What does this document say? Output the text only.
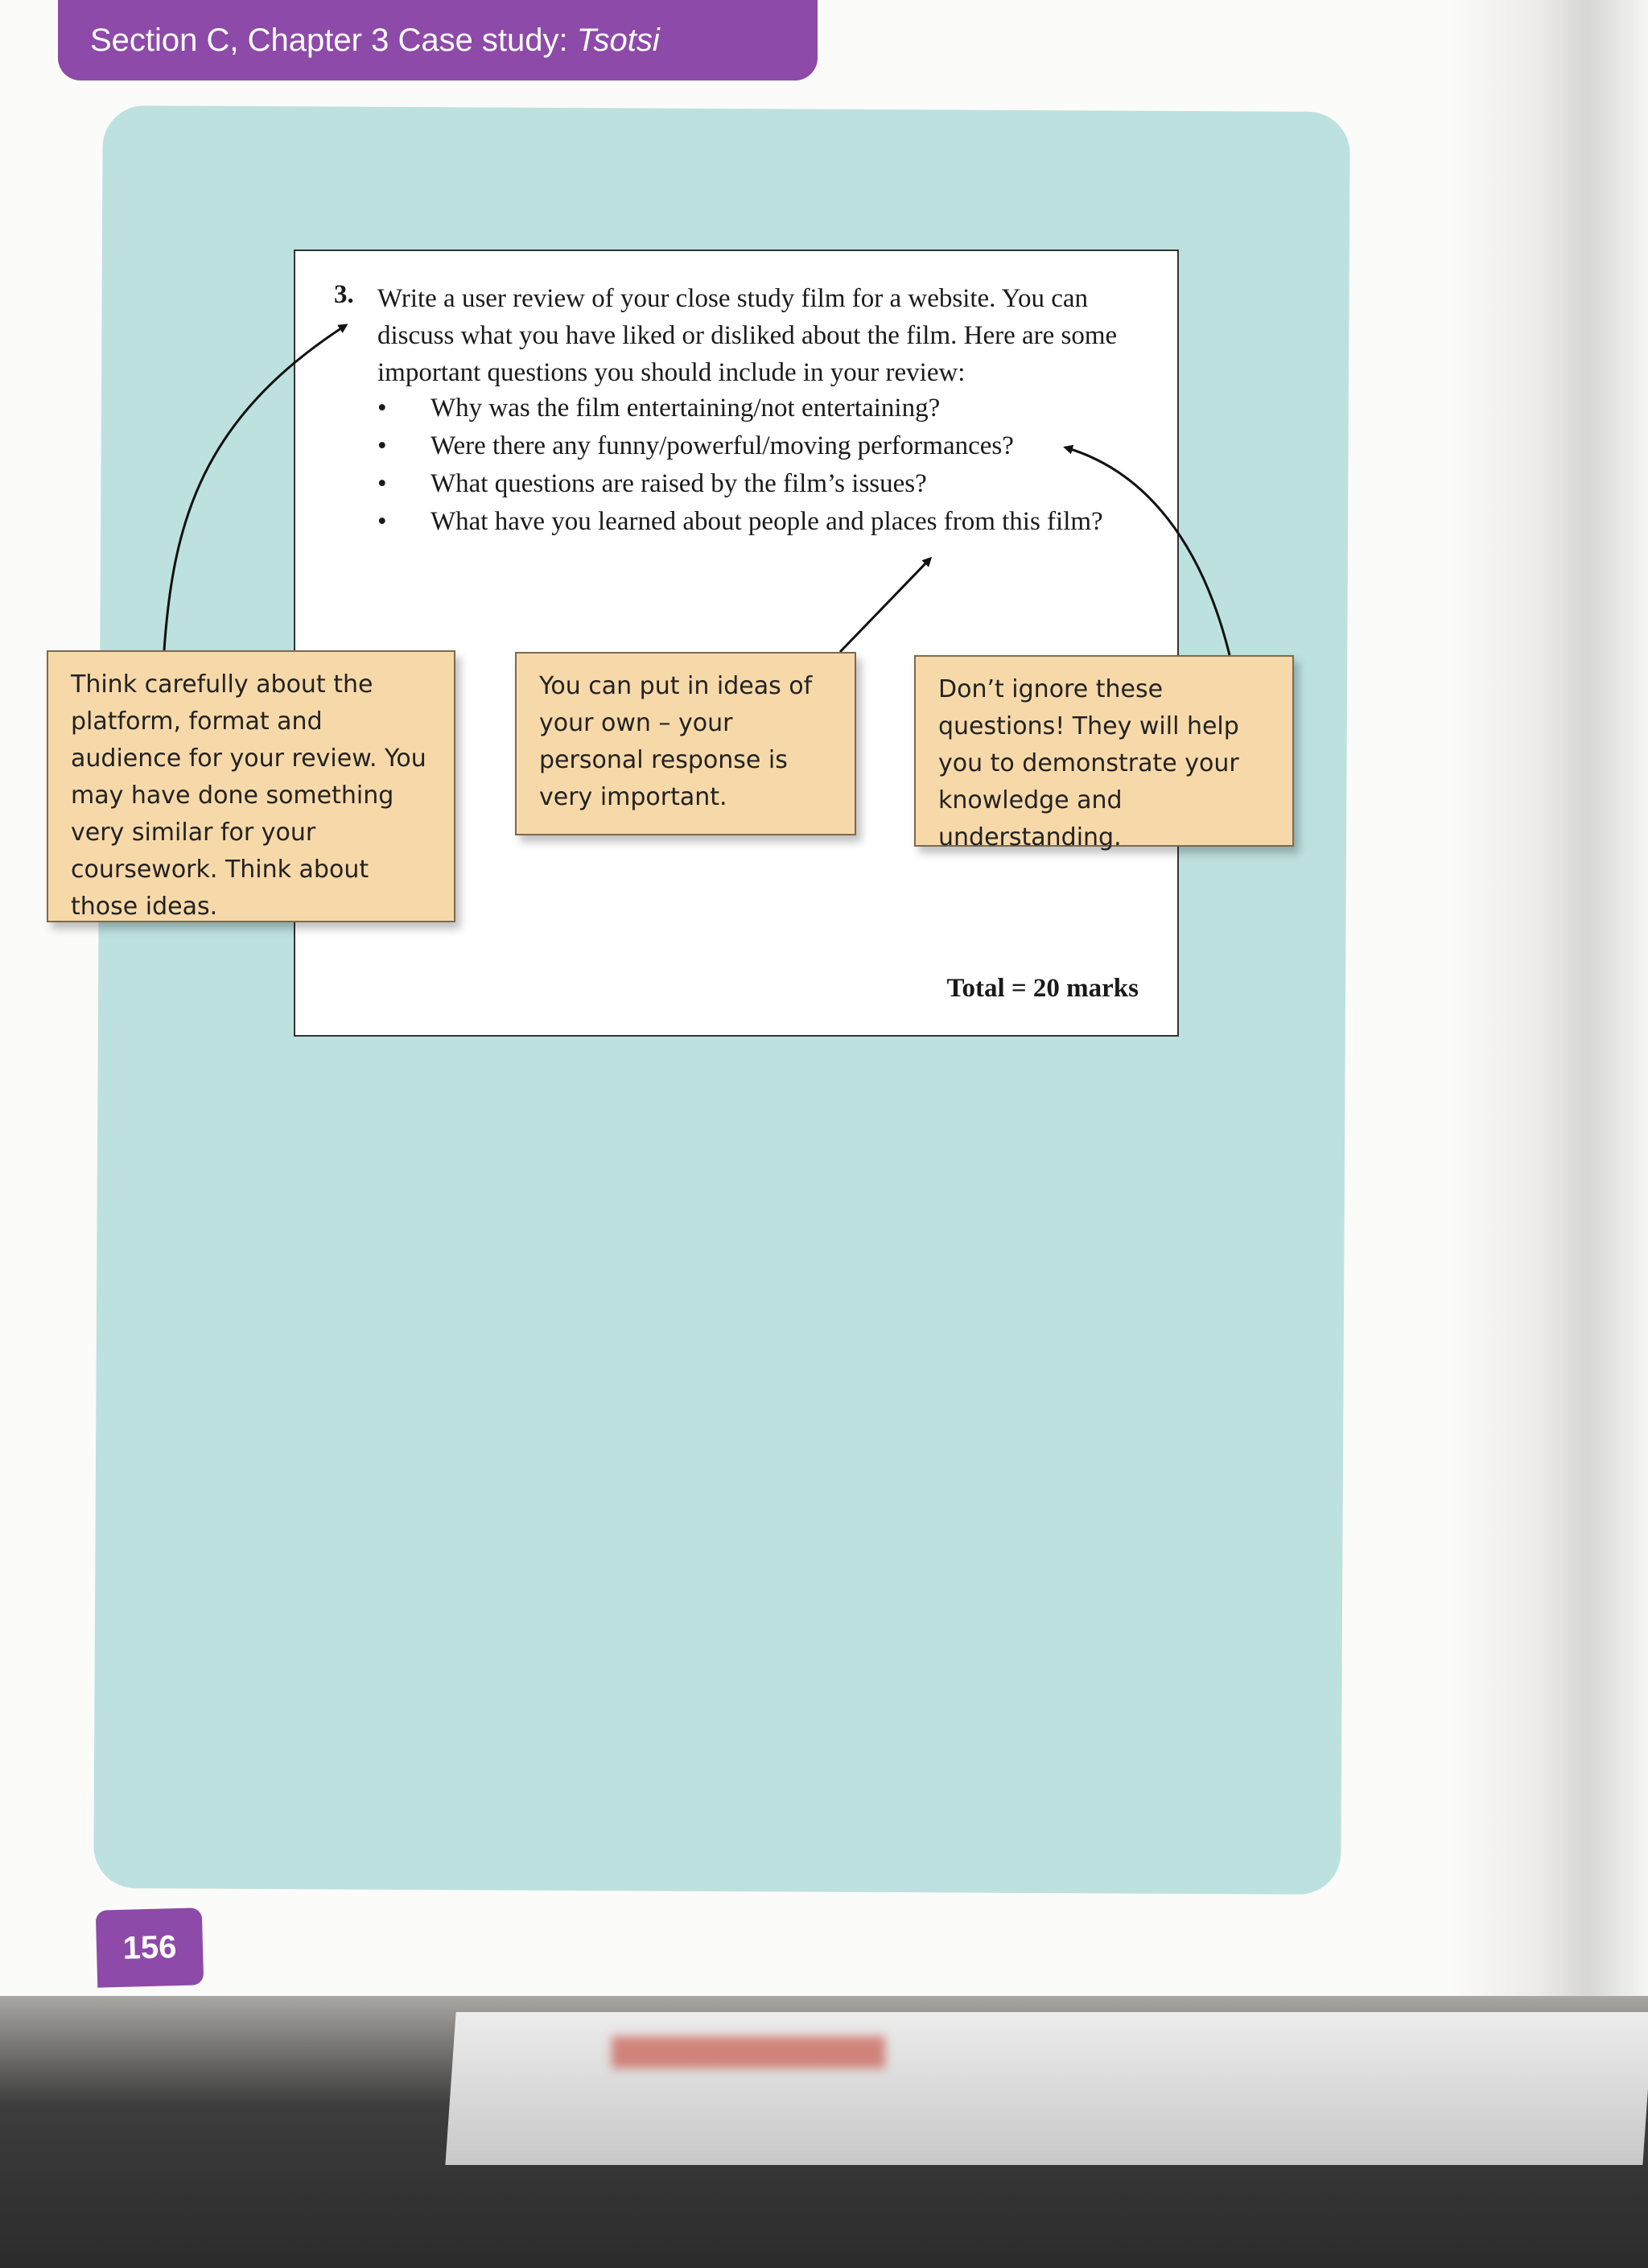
Section C, Chapter 3 Case study: Tsotsi
3. Write a user review of your close study film for a website. You can discuss what you have liked or disliked about the film. Here are some important questions you should include in your review:
• Why was the film entertaining/not entertaining?
• Were there any funny/powerful/moving performances?
• What questions are raised by the film’s issues?
• What have you learned about people and places from this film?
Total = 20 marks
Think carefully about the platform, format and audience for your review. You may have done something very similar for your coursework. Think about those ideas.
You can put in ideas of your own – your personal response is very important.
Don’t ignore these questions! They will help you to demonstrate your knowledge and understanding.
156
